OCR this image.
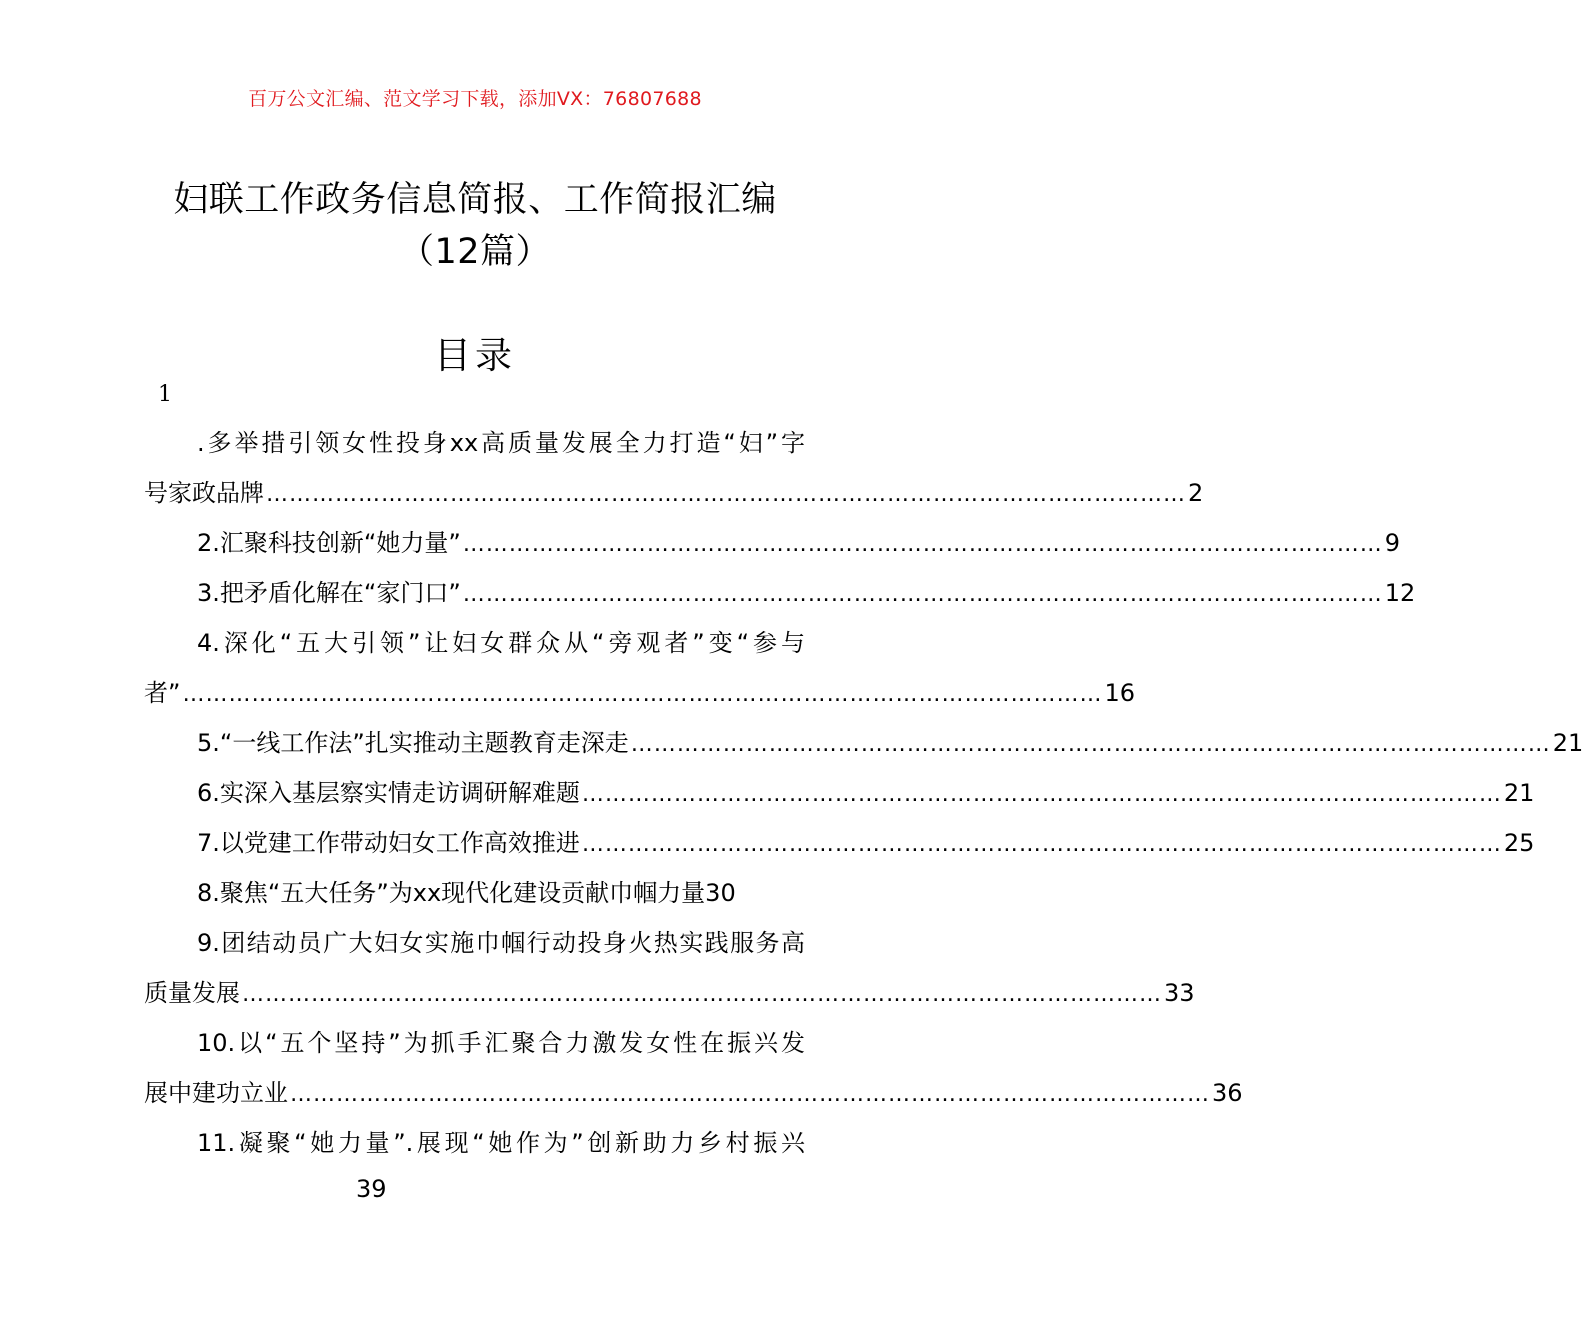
百万公文汇编、范文学习下载，添加VX：76807688
妇联工作政务信息简报、工作简报汇编
（12篇）
目录
1
.多举措引领女性投身xx高质量发展全力打造“妇”字
号家政品牌 ………………………………………………………………………………………………………… 2
2.汇聚科技创新“她力量” ………………………………………………………………………………………………………… 9
3.把矛盾化解在“家门口” ………………………………………………………………………………………………………… 12
4.深化“五大引领”让妇女群众从“旁观者”变“参与
者” ………………………………………………………………………………………………………… 16
5.“一线工作法”扎实推动主题教育走深走 ………………………………………………………………………………………………………… 21
6.实深入基层察实情走访调研解难题 ………………………………………………………………………………………………………… 21
7.以党建工作带动妇女工作高效推进 ………………………………………………………………………………………………………… 25
8.聚焦“五大任务”为xx现代化建设贡献巾帼力量 30
9.团结动员广大妇女实施巾帼行动投身火热实践服务高
质量发展 ………………………………………………………………………………………………………… 33
10.以“五个坚持”为抓手汇聚合力激发女性在振兴发
展中建功立业 ………………………………………………………………………………………………………… 36
11.凝聚“她力量”.展现“她作为”创新助力乡村振兴
39
